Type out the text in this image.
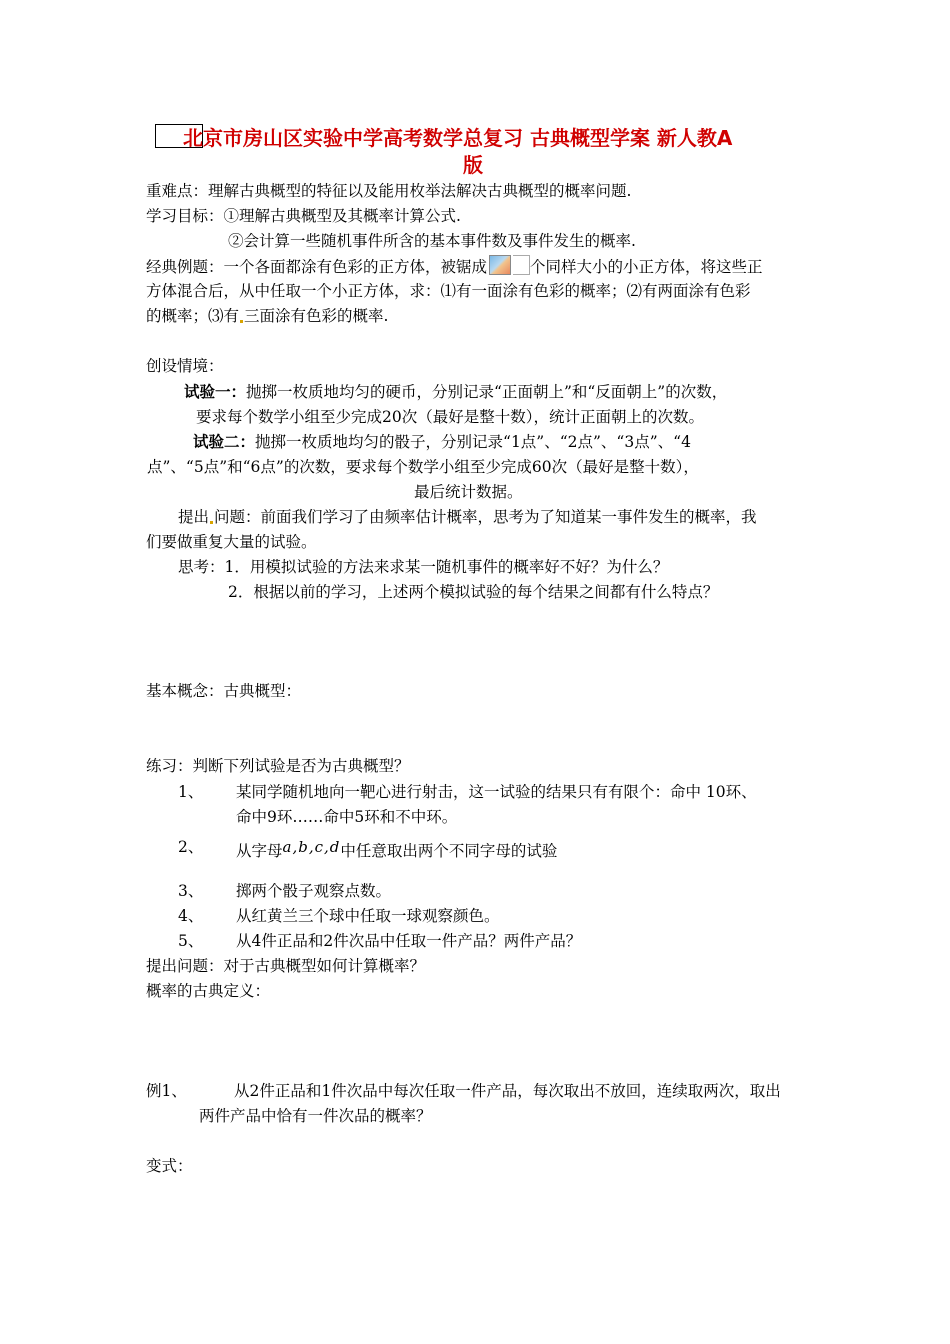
北京市房山区实验中学高考数学总复习 古典概型学案 新人教A
版
重难点：理解古典概型的特征以及能用枚举法解决古典概型的概率问题.
学习目标：①理解古典概型及其概率计算公式.
②会计算一些随机事件所含的基本事件数及事件发生的概率.
经典例题：一个各面都涂有色彩的正方体，被锯成	个同样大小的小正方体，将这些正
方体混合后，从中任取一个小正方体，求：⑴有一面涂有色彩的概率；⑵有两面涂有色彩
的概率；⑶有 三面涂有色彩的概率.
创设情境：
试验一：抛掷一枚质地均匀的硬币，分别记录“正面朝上”和“反面朝上”的次数，
要求每个数学小组至少完成20次（最好是整十数），统计正面朝上的次数。
试验二：抛掷一枚质地均匀的骰子，分别记录“1点”、“2点”、“3点”、“4
点”、“5点”和“6点”的次数，要求每个数学小组至少完成60次（最好是整十数），
最后统计数据。
提出 问题：前面我们学习了由频率估计概率，思考为了知道某一事件发生的概率，我
们要做重复大量的试验。
思考：1．用模拟试验的方法来求某一随机事件的概率好不好？为什么？
2．根据以前的学习，上述两个模拟试验的每个结果之间都有什么特点？
基本概念：古典概型：
练习：判断下列试验是否为古典概型？
1、 某同学随机地向一靶心进行射击，这一试验的结果只有有限个：命中 10环、
命中9环……命中5环和不中环。
2、 从字母a,b,c,d中任意取出两个不同字母的试验
3、 掷两个骰子观察点数。
4、 从红黄兰三个球中任取一球观察颜色。
5、 从4件正品和2件次品中任取一件产品？两件产品？
提出问题：对于古典概型如何计算概率？
概率的古典定义：
例1、	从2件正品和1件次品中每次任取一件产品，每次取出不放回，连续取两次，取出
两件产品中恰有一件次品的概率？
变式：
